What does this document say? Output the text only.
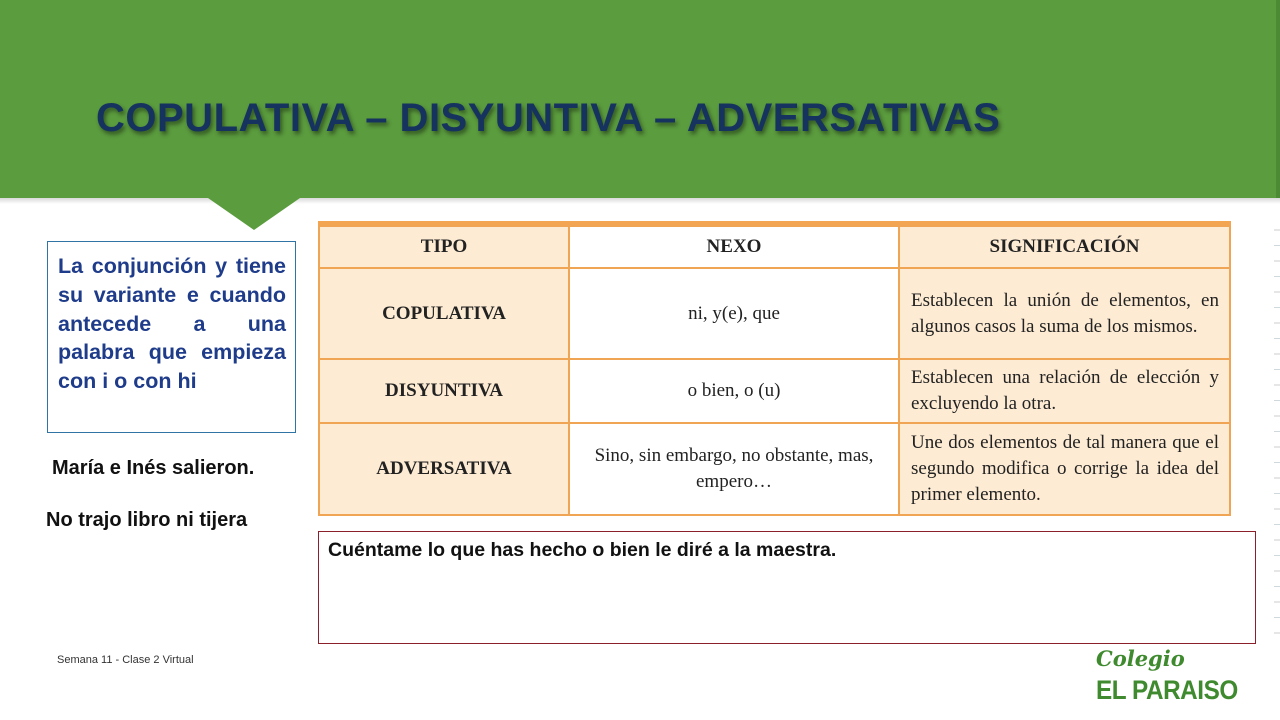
COPULATIVA – DISYUNTIVA – ADVERSATIVAS
La conjunción y tiene su variante e cuando antecede a una palabra que empieza con i o con hi
María e Inés salieron.
No trajo libro ni tijera
TIPO	NEXO	SIGNIFICACIÓN
COPULATIVA	ni, y(e), que	Establecen la unión de elementos, en algunos casos la suma de los mismos.
DISYUNTIVA	o bien, o (u)	Establecen una relación de elección y excluyendo la otra.
ADVERSATIVA	Sino, sin embargo, no obstante, mas, empero…	Une dos elementos de tal manera que el segundo modifica o corrige la idea del primer elemento.
Cuéntame lo que has hecho o bien le diré a la maestra.
Semana 11 - Clase 2 Virtual	Colegio
EL PARAISO
